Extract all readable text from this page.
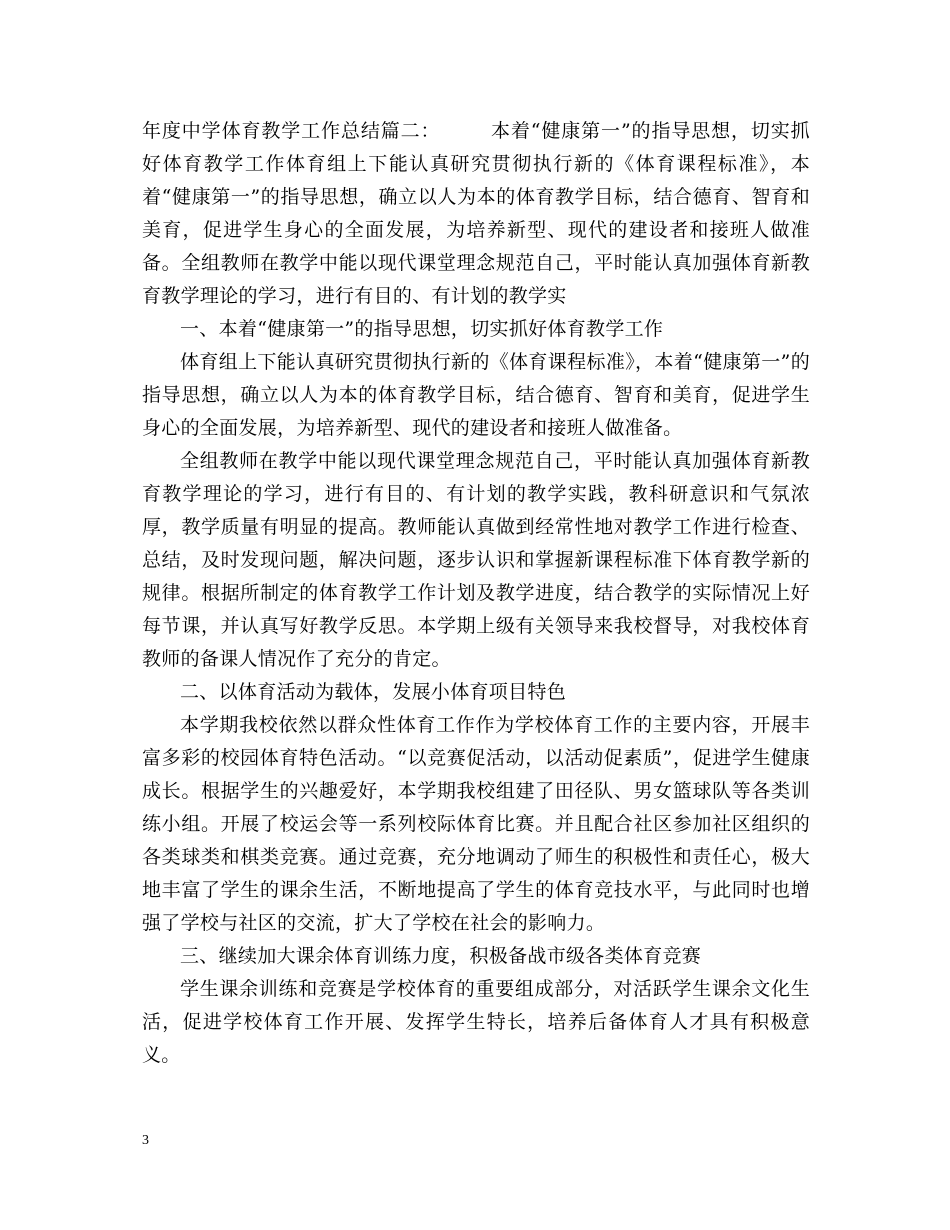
年度中学体育教学工作总结篇二：	本着“健康第一”的指导思想，切实抓好体育教学工作体育组上下能认真研究贯彻执行新的《体育课程标准》，本着“健康第一”的指导思想，确立以人为本的体育教学目标，结合德育、智育和美育，促进学生身心的全面发展，为培养新型、现代的建设者和接班人做准备。全组教师在教学中能以现代课堂理念规范自己，平时能认真加强体育新教育教学理论的学习，进行有目的、有计划的教学实

一、本着“健康第一”的指导思想，切实抓好体育教学工作

体育组上下能认真研究贯彻执行新的《体育课程标准》，本着“健康第一”的指导思想，确立以人为本的体育教学目标，结合德育、智育和美育，促进学生身心的全面发展，为培养新型、现代的建设者和接班人做准备。

全组教师在教学中能以现代课堂理念规范自己，平时能认真加强体育新教育教学理论的学习，进行有目的、有计划的教学实践，教科研意识和气氛浓厚，教学质量有明显的提高。教师能认真做到经常性地对教学工作进行检查、总结，及时发现问题，解决问题，逐步认识和掌握新课程标准下体育教学新的规律。根据所制定的体育教学工作计划及教学进度，结合教学的实际情况上好每节课，并认真写好教学反思。本学期上级有关领导来我校督导，对我校体育教师的备课人情况作了充分的肯定。

二、以体育活动为载体，发展小体育项目特色

本学期我校依然以群众性体育工作作为学校体育工作的主要内容，开展丰富多彩的校园体育特色活动。“以竞赛促活动，以活动促素质”，促进学生健康成长。根据学生的兴趣爱好，本学期我校组建了田径队、男女篮球队等各类训练小组。开展了校运会等一系列校际体育比赛。并且配合社区参加社区组织的各类球类和棋类竞赛。通过竞赛，充分地调动了师生的积极性和责任心，极大地丰富了学生的课余生活，不断地提高了学生的体育竞技水平，与此同时也增强了学校与社区的交流，扩大了学校在社会的影响力。

三、继续加大课余体育训练力度，积极备战市级各类体育竞赛

学生课余训练和竞赛是学校体育的重要组成部分，对活跃学生课余文化生活，促进学校体育工作开展、发挥学生特长，培养后备体育人才具有积极意义。

3
